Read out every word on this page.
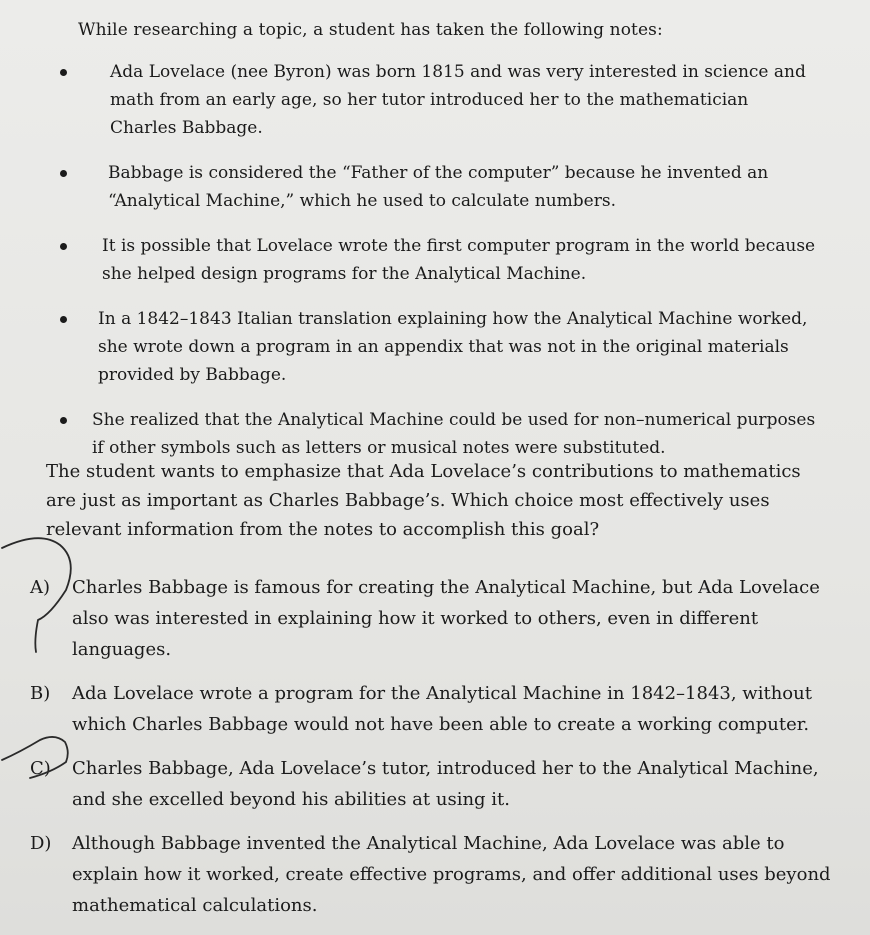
While researching a topic, a student has taken the following notes:
Ada Lovelace (nee Byron) was born 1815 and was very interested in science and math from an early age, so her tutor introduced her to the mathematician Charles Babbage.
Babbage is considered the “Father of the computer” because he invented an “Analytical Machine,” which he used to calculate numbers.
It is possible that Lovelace wrote the first computer program in the world because she helped design programs for the Analytical Machine.
In a 1842–1843 Italian translation explaining how the Analytical Machine worked, she wrote down a program in an appendix that was not in the original materials provided by Babbage.
She realized that the Analytical Machine could be used for non–numerical purposes if other symbols such as letters or musical notes were substituted.
The student wants to emphasize that Ada Lovelace’s contributions to mathematics are just as important as Charles Babbage’s. Which choice most effectively uses relevant information from the notes to accomplish this goal?
A) Charles Babbage is famous for creating the Analytical Machine, but Ada Lovelace also was interested in explaining how it worked to others, even in different languages.
B) Ada Lovelace wrote a program for the Analytical Machine in 1842–1843, without which Charles Babbage would not have been able to create a working computer.
C) Charles Babbage, Ada Lovelace’s tutor, introduced her to the Analytical Machine, and she excelled beyond his abilities at using it.
D) Although Babbage invented the Analytical Machine, Ada Lovelace was able to explain how it worked, create effective programs, and offer additional uses beyond mathematical calculations.
